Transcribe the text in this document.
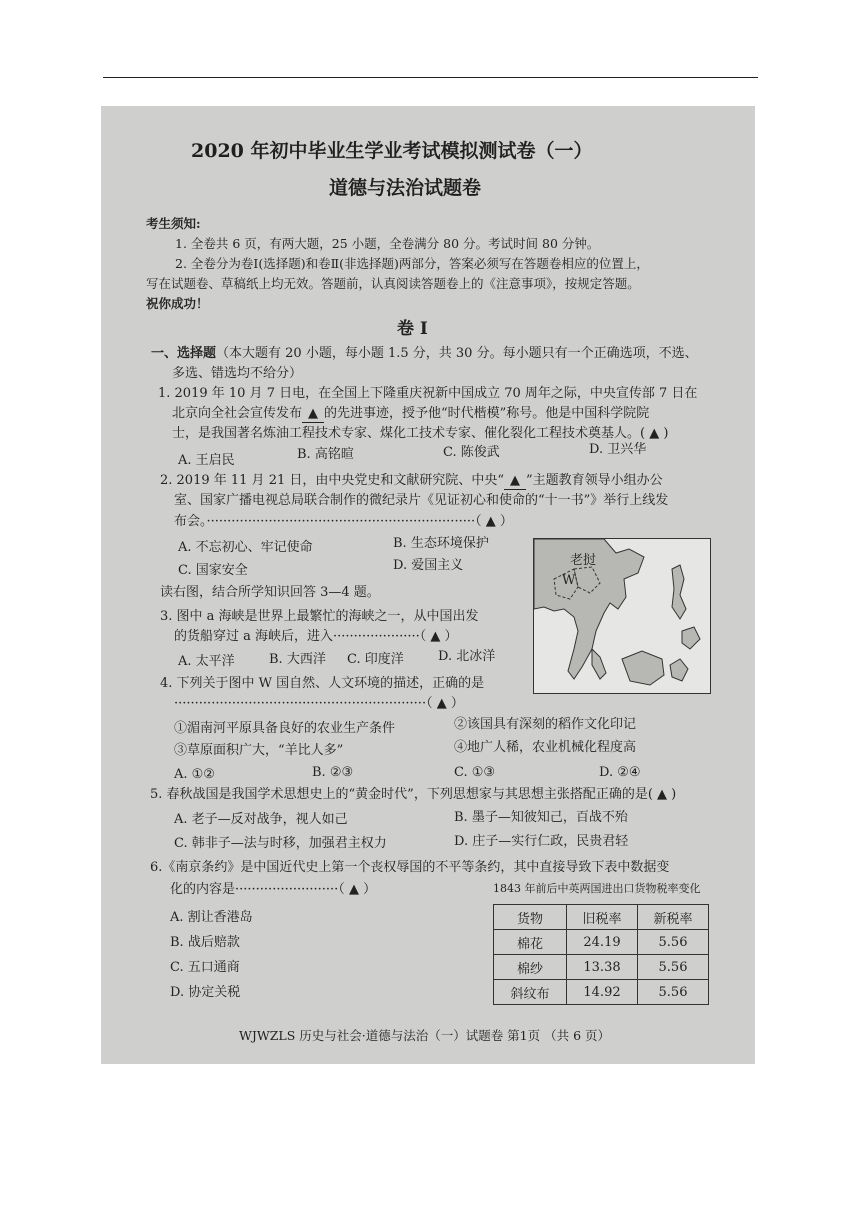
2020 年初中毕业生学业考试模拟测试卷（一）
道德与法治试题卷
考生须知:
1. 全卷共 6 页，有两大题，25 小题，全卷满分 80 分。考试时间 80 分钟。
2. 全卷分为卷Ⅰ(选择题)和卷Ⅱ(非选择题)两部分，答案必须写在答题卷相应的位置上，
写在试题卷、草稿纸上均无效。答题前，认真阅读答题卷上的《注意事项》，按规定答题。
祝你成功！
卷 Ⅰ
一、选择题（本大题有 20 小题，每小题 1.5 分，共 30 分。每小题只有一个正确选项，不选、
多选、错选均不给分）
1. 2019 年 10 月 7 日电，在全国上下隆重庆祝新中国成立 70 周年之际，中央宣传部 7 日在
北京向全社会宣传发布 ▲ 的先进事迹，授予他“时代楷模”称号。他是中国科学院院
士，是我国著名炼油工程技术专家、煤化工技术专家、催化裂化工程技术奠基人。( ▲ )
A. 王启民	B. 高铭暄	C. 陈俊武	D. 卫兴华
2. 2019 年 11 月 21 日，由中央党史和文献研究院、中央“ ▲ ”主题教育领导小组办公
室、国家广播电视总局联合制作的微纪录片《见证初心和使命的“十一书”》举行上线发
布会。·································································（ ▲ ）
A. 不忘初心、牢记使命	B. 生态环境保护
C. 国家安全	D. 爱国主义
读右图，结合所学知识回答 3—4 题。
老挝
W
3. 图中 a 海峡是世界上最繁忙的海峡之一，从中国出发
的货船穿过 a 海峡后，进入·····················（ ▲ ）
A. 太平洋	B. 大西洋 C. 印度洋	D. 北冰洋
4. 下列关于图中 W 国自然、人文环境的描述，正确的是
·····························································（ ▲ ）
①湄南河平原具备良好的农业生产条件	②该国具有深刻的稻作文化印记
③草原面积广大，“羊比人多”	④地广人稀，农业机械化程度高
A. ①②	B. ②③	C. ①③	D. ②④
5. 春秋战国是我国学术思想史上的“黄金时代”，下列思想家与其思想主张搭配正确的是( ▲ )
A. 老子—反对战争，视人如己	B. 墨子—知彼知己，百战不殆
C. 韩非子—法与时移，加强君主权力	D. 庄子—实行仁政，民贵君轻
6.《南京条约》是中国近代史上第一个丧权辱国的不平等条约，其中直接导致下表中数据变
化的内容是·························（ ▲ ）
A. 割让香港岛
B. 战后赔款
C. 五口通商
D. 协定关税
1843 年前后中英两国进出口货物税率变化
货物	旧税率	新税率
棉花	24.19	5.56
棉纱	13.38	5.56
斜纹布	14.92	5.56
WJWZLS 历史与社会·道德与法治（一）试题卷 第1页 （共 6 页）
